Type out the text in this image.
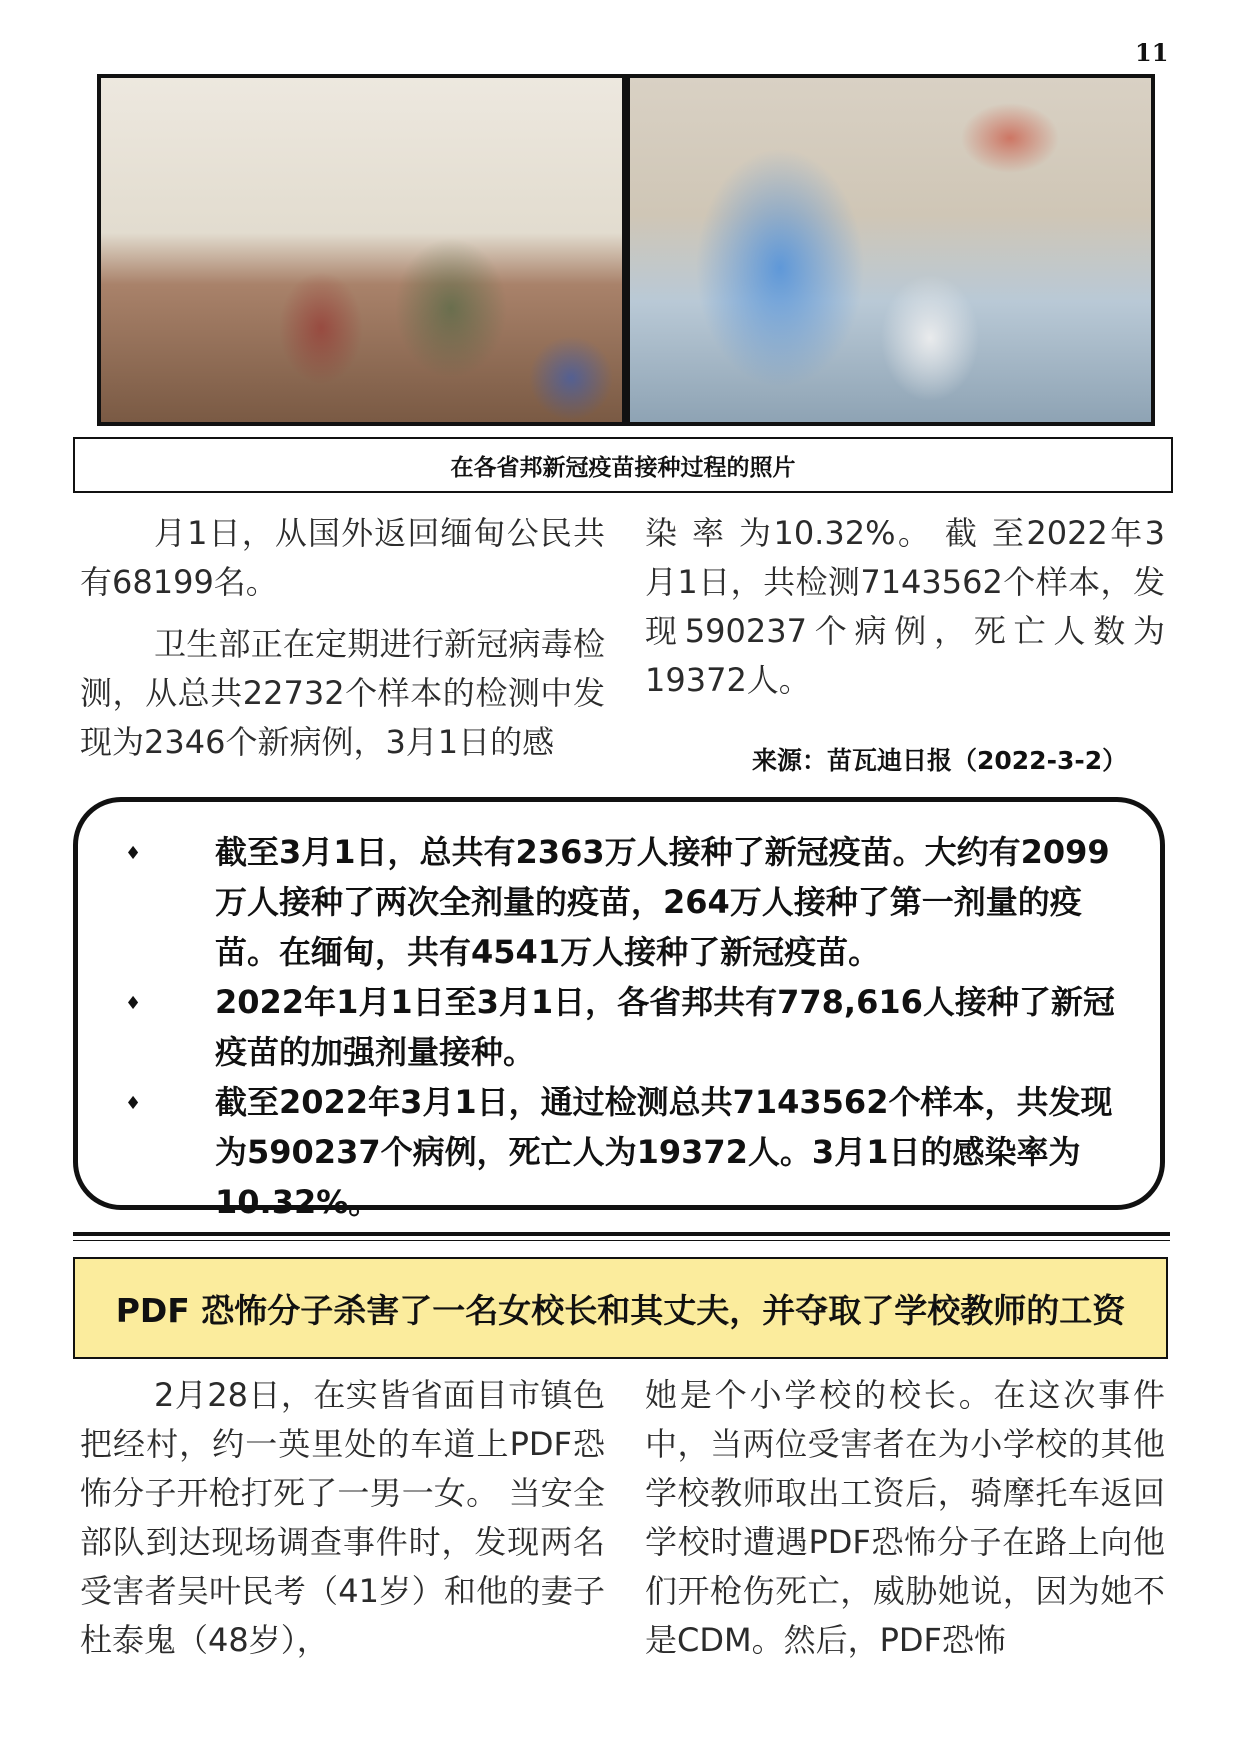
11
在各省邦新冠疫苗接种过程的照片

月1日，从国外返回缅甸公民共有68199名。

卫生部正在定期进行新冠病毒检测，从总共22732个样本的检测中发现为2346个新病例，3月1日的感

染 率 为10.32%。 截 至2022年3月1日，共检测7143562个样本，发现590237个病例，死亡人数为19372人。

来源：苗瓦迪日报（2022-3-2）
♦ 截至3月1日，总共有2363万人接种了新冠疫苗。大约有2099万人接种了两次全剂量的疫苗，264万人接种了第一剂量的疫苗。在缅甸，共有4541万人接种了新冠疫苗。
♦ 2022年1月1日至3月1日，各省邦共有778,616人接种了新冠疫苗的加强剂量接种。
♦ 截至2022年3月1日，通过检测总共7143562个样本，共发现为590237个病例，死亡人为19372人。3月1日的感染率为10.32%。
PDF 恐怖分子杀害了一名女校长和其丈夫，并夺取了学校教师的工资

2月28日，在实皆省面目市镇色把经村，约一英里处的车道上PDF恐怖分子开枪打死了一男一女。 当安全部队到达现场调查事件时，发现两名受害者吴叶民考（41岁）和他的妻子杜泰鬼（48岁），

她是个小学校的校长。在这次事件中，当两位受害者在为小学校的其他学校教师取出工资后，骑摩托车返回学校时遭遇PDF恐怖分子在路上向他们开枪伤死亡，威胁她说，因为她不是CDM。然后，PDF恐怖
